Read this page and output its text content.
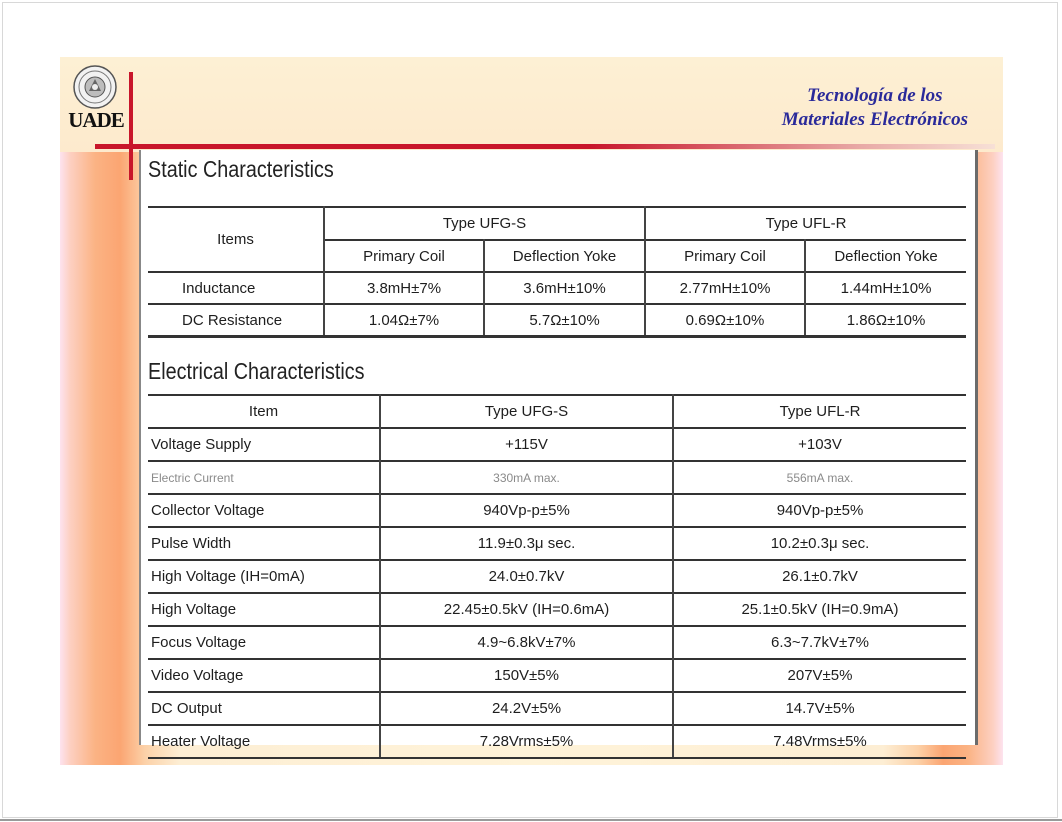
UADE
Tecnología de los
Materiales Electrónicos
Static Characteristics
Items	Type UFG-S		Type UFL-R	
	Primary Coil	Deflection Yoke	Primary Coil	Deflection Yoke
Inductance	3.8mH±7%	3.6mH±10%	2.77mH±10%	1.44mH±10%
DC Resistance	1.04Ω±7%	5.7Ω±10%	0.69Ω±10%	1.86Ω±10%
Electrical Characteristics
Item	Type UFG-S	Type UFL-R
Voltage Supply	+115V	+103V
Electric Current	330mA max.	556mA max.
Collector Voltage	940Vp-p±5%	940Vp-p±5%
Pulse Width	11.9±0.3μ sec.	10.2±0.3μ sec.
High Voltage (IH=0mA)	24.0±0.7kV	26.1±0.7kV
High Voltage	22.45±0.5kV (IH=0.6mA)	25.1±0.5kV (IH=0.9mA)
Focus Voltage	4.9~6.8kV±7%	6.3~7.7kV±7%
Video Voltage	150V±5%	207V±5%
DC Output	24.2V±5%	14.7V±5%
Heater Voltage	7.28Vrms±5%	7.48Vrms±5%
